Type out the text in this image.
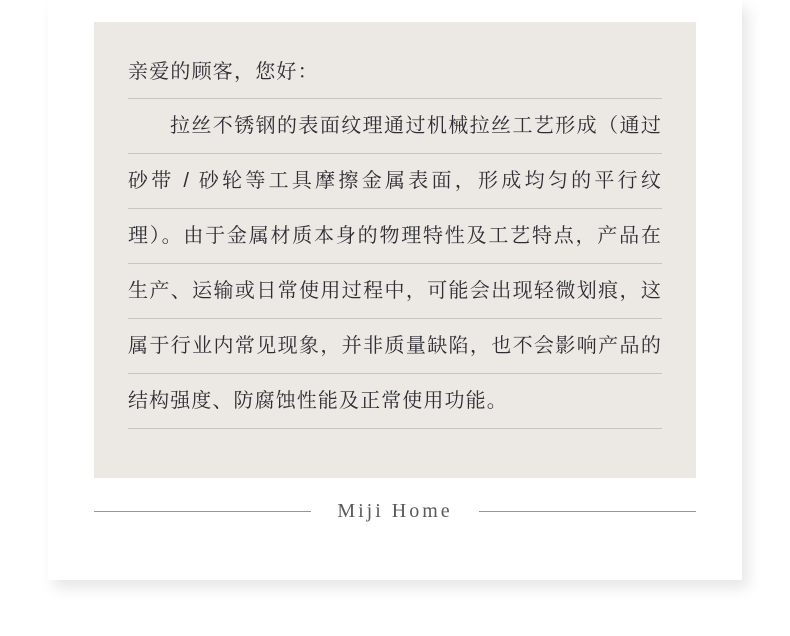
亲爱的顾客，您好：

拉丝不锈钢的表面纹理通过机械拉丝工艺形成（通过砂带 / 砂轮等工具摩擦金属表面，形成均匀的平行纹理）。由于金属材质本身的物理特性及工艺特点，产品在生产、运输或日常使用过程中，可能会出现轻微划痕，这属于行业内常见现象，并非质量缺陷，也不会影响产品的结构强度、防腐蚀性能及正常使用功能。

Miji Home
